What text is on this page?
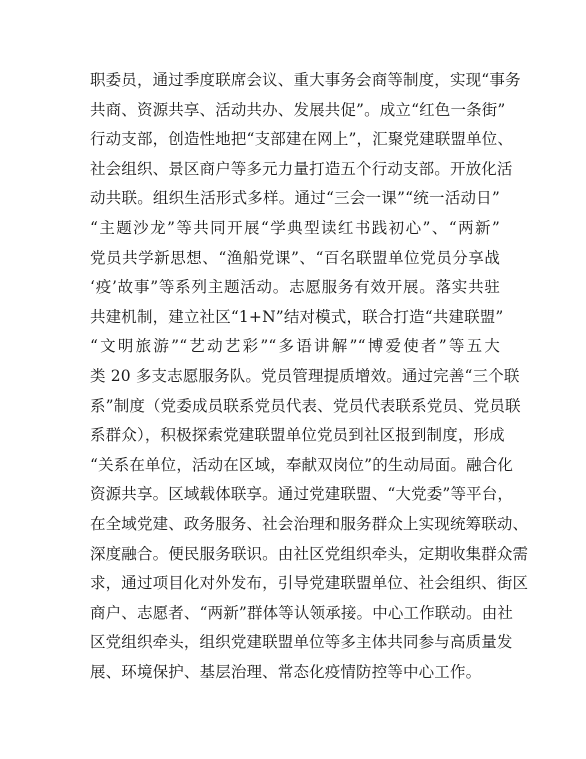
职委员，通过季度联席会议、重大事务会商等制度，实现“事务
共商、资源共享、活动共办、发展共促”。成立“红色一条街”
行动支部，创造性地把“支部建在网上”，汇聚党建联盟单位、
社会组织、景区商户等多元力量打造五个行动支部。开放化活
动共联。组织生活形式多样。通过“三会一课”“统一活动日”
“主题沙龙”等共同开展“学典型读红书践初心”、“两新”
党员共学新思想、“渔船党课”、“百名联盟单位党员分享战
‘疫’故事”等系列主题活动。志愿服务有效开展。落实共驻
共建机制，建立社区“1+N”结对模式，联合打造“共建联盟”
“文明旅游”“艺动艺彩”“多语讲解”“博爱使者”等五大
类 20 多支志愿服务队。党员管理提质增效。通过完善“三个联
系”制度（党委成员联系党员代表、党员代表联系党员、党员联
系群众），积极探索党建联盟单位党员到社区报到制度，形成
“关系在单位，活动在区域，奉献双岗位”的生动局面。融合化
资源共享。区域载体联享。通过党建联盟、“大党委”等平台，
在全域党建、政务服务、社会治理和服务群众上实现统筹联动、
深度融合。便民服务联识。由社区党组织牵头，定期收集群众需
求，通过项目化对外发布，引导党建联盟单位、社会组织、街区
商户、志愿者、“两新”群体等认领承接。中心工作联动。由社
区党组织牵头，组织党建联盟单位等多主体共同参与高质量发
展、环境保护、基层治理、常态化疫情防控等中心工作。
